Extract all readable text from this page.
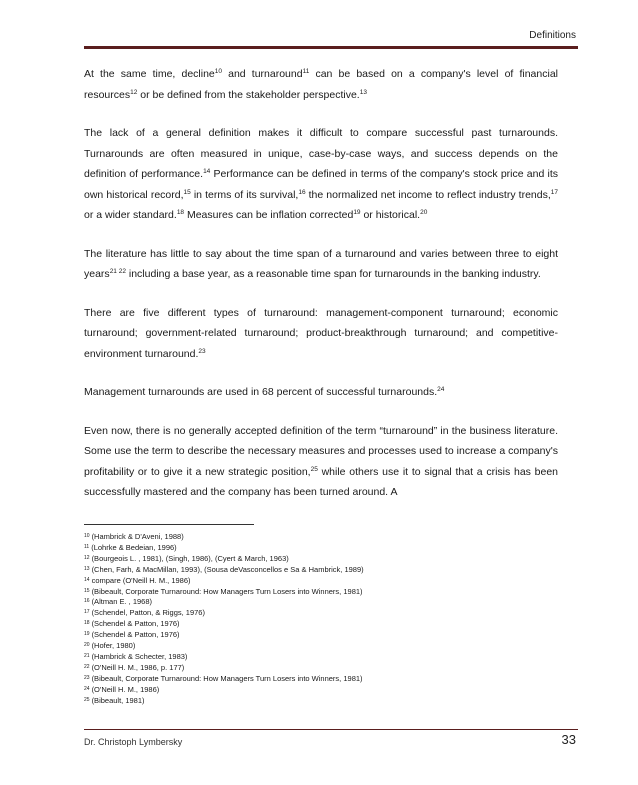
Definitions

At the same time, decline$^{10}$ and turnaround$^{11}$ can be based on a company's level of financial resources$^{12}$ or be defined from the stakeholder perspective.$^{13}$

The lack of a general definition makes it difficult to compare successful past turnarounds. Turnarounds are often measured in unique, case-by-case ways, and success depends on the definition of performance.$^{14}$ Performance can be defined in terms of the company's stock price and its own historical record,$^{15}$ in terms of its survival,$^{16}$ the normalized net income to reflect industry trends,$^{17}$ or a wider standard.$^{18}$ Measures can be inflation corrected$^{19}$ or historical.$^{20}$

The literature has little to say about the time span of a turnaround and varies between three to eight years$^{21 22}$ including a base year, as a reasonable time span for turnarounds in the banking industry.

There are five different types of turnaround: management-component turnaround; economic turnaround; government-related turnaround; product-breakthrough turnaround; and competitive-environment turnaround.$^{23}$

Management turnarounds are used in 68 percent of successful turnarounds.$^{24}$

Even now, there is no generally accepted definition of the term “turnaround” in the business literature. Some use the term to describe the necessary measures and processes used to increase a company's profitability or to give it a new strategic position,$^{25}$ while others use it to signal that a crisis has been successfully mastered and the company has been turned around. A

$^{10}$ (Hambrick & D'Aveni, 1988)
$^{11}$ (Lohrke & Bedeian, 1996)
$^{12}$ (Bourgeois L. , 1981), (Singh, 1986), (Cyert & March, 1963)
$^{13}$ (Chen, Farh, & MacMillan, 1993), (Sousa deVasconcellos e Sa & Hambrick, 1989)
$^{14}$ compare (O'Neill H. M., 1986)
$^{15}$ (Bibeault, Corporate Turnaround: How Managers Turn Losers into Winners, 1981)
$^{16}$ (Altman E. , 1968)
$^{17}$ (Schendel, Patton, & Riggs, 1976)
$^{18}$ (Schendel & Patton, 1976)
$^{19}$ (Schendel & Patton, 1976)
$^{20}$ (Hofer, 1980)
$^{21}$ (Hambrick & Schecter, 1983)
$^{22}$ (O'Neill H. M., 1986, p. 177)
$^{23}$ (Bibeault, Corporate Turnaround: How Managers Turn Losers into Winners, 1981)
$^{24}$ (O'Neill H. M., 1986)
$^{25}$ (Bibeault, 1981)
Dr. Christoph Lymbersky	33
